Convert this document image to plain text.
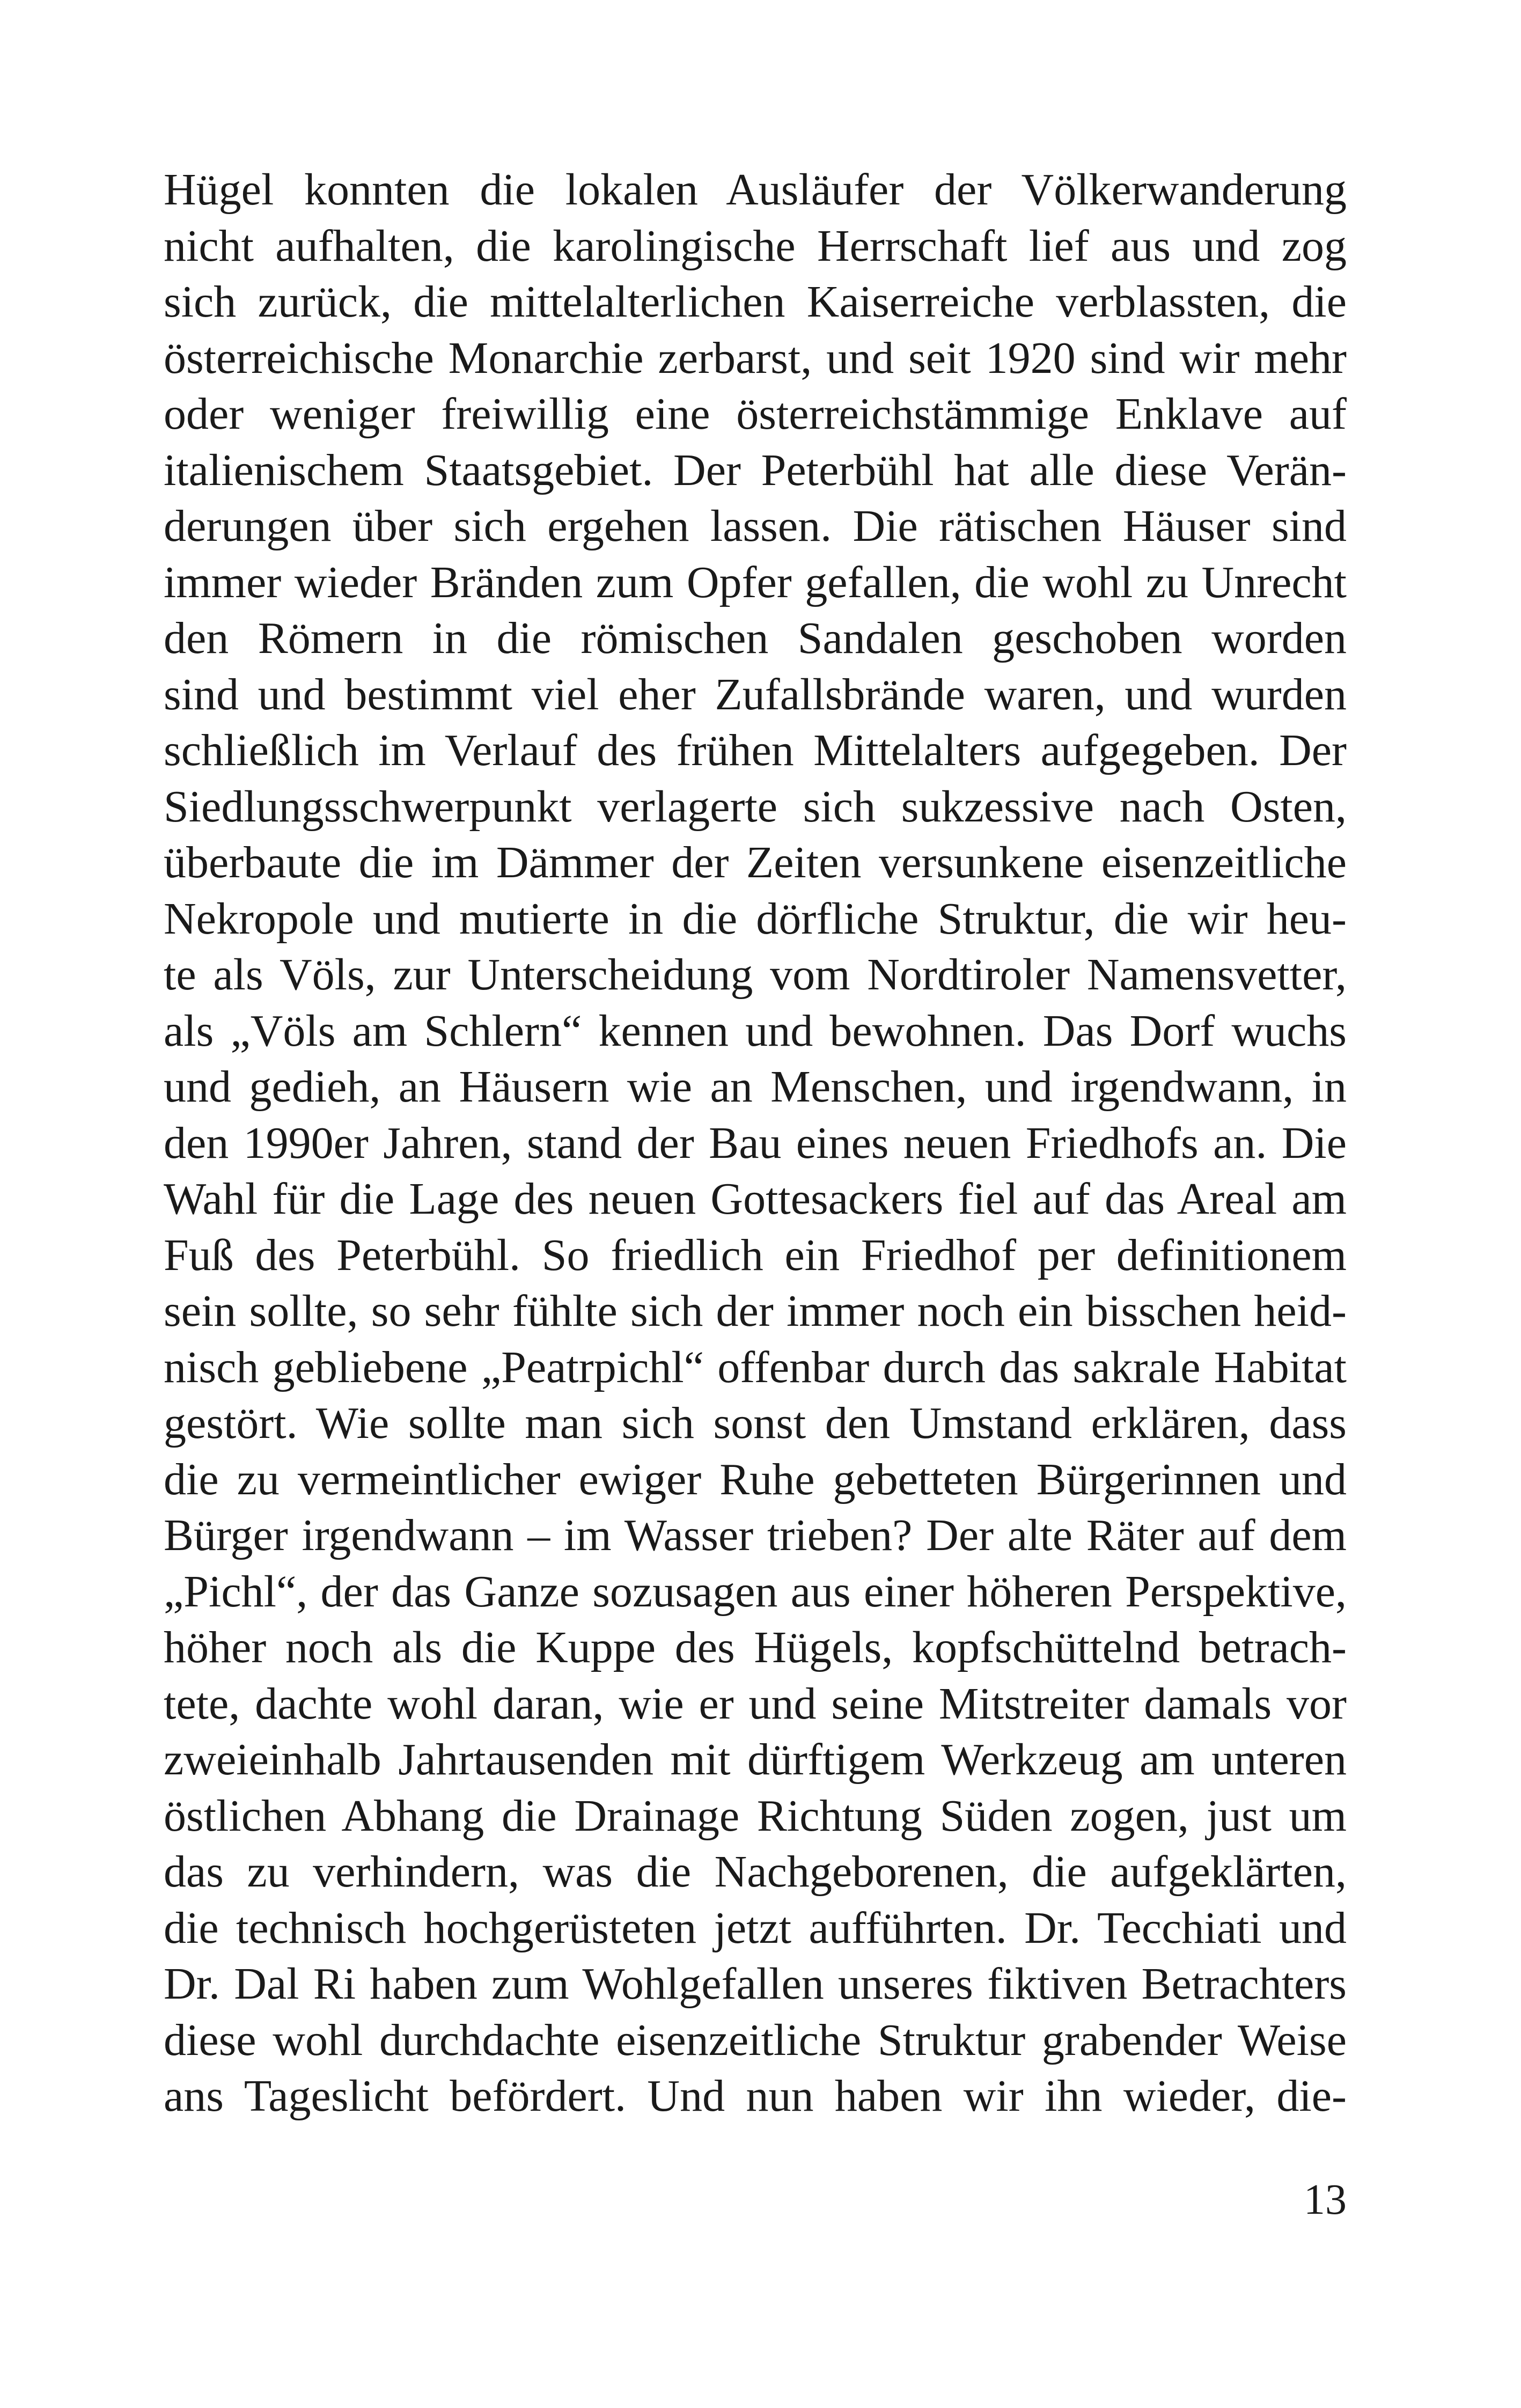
Hügel konnten die lokalen Ausläufer der Völkerwanderung
nicht aufhalten, die karolingische Herrschaft lief aus und zog
sich zurück, die mittelalterlichen Kaiserreiche verblassten, die
österreichische Monarchie zerbarst, und seit 1920 sind wir mehr
oder weniger freiwillig eine österreichstämmige Enklave auf
italienischem Staatsgebiet. Der Peterbühl hat alle diese Verän-
derungen über sich ergehen lassen. Die rätischen Häuser sind
immer wieder Bränden zum Opfer gefallen, die wohl zu Unrecht
den Römern in die römischen Sandalen geschoben worden
sind und bestimmt viel eher Zufallsbrände waren, und wurden
schließlich im Verlauf des frühen Mittelalters aufgegeben. Der
Siedlungsschwerpunkt verlagerte sich sukzessive nach Osten,
überbaute die im Dämmer der Zeiten versunkene eisenzeitliche
Nekropole und mutierte in die dörfliche Struktur, die wir heu-
te als Völs, zur Unterscheidung vom Nordtiroler Namensvetter,
als „Völs am Schlern“ kennen und bewohnen. Das Dorf wuchs
und gedieh, an Häusern wie an Menschen, und irgendwann, in
den 1990er Jahren, stand der Bau eines neuen Friedhofs an. Die
Wahl für die Lage des neuen Gottesackers fiel auf das Areal am
Fuß des Peterbühl. So friedlich ein Friedhof per definitionem
sein sollte, so sehr fühlte sich der immer noch ein bisschen heid-
nisch gebliebene „Peatrpichl“ offenbar durch das sakrale Habitat
gestört. Wie sollte man sich sonst den Umstand erklären, dass
die zu vermeintlicher ewiger Ruhe gebetteten Bürgerinnen und
Bürger irgendwann – im Wasser trieben? Der alte Räter auf dem
„Pichl“, der das Ganze sozusagen aus einer höheren Perspektive,
höher noch als die Kuppe des Hügels, kopfschüttelnd betrach-
tete, dachte wohl daran, wie er und seine Mitstreiter damals vor
zweieinhalb Jahrtausenden mit dürftigem Werkzeug am unteren
östlichen Abhang die Drainage Richtung Süden zogen, just um
das zu verhindern, was die Nachgeborenen, die aufgeklärten,
die technisch hochgerüsteten jetzt aufführten. Dr. Tecchiati und
Dr. Dal Ri haben zum Wohlgefallen unseres fiktiven Betrachters
diese wohl durchdachte eisenzeitliche Struktur grabender Weise
ans Tageslicht befördert. Und nun haben wir ihn wieder, die-
13
